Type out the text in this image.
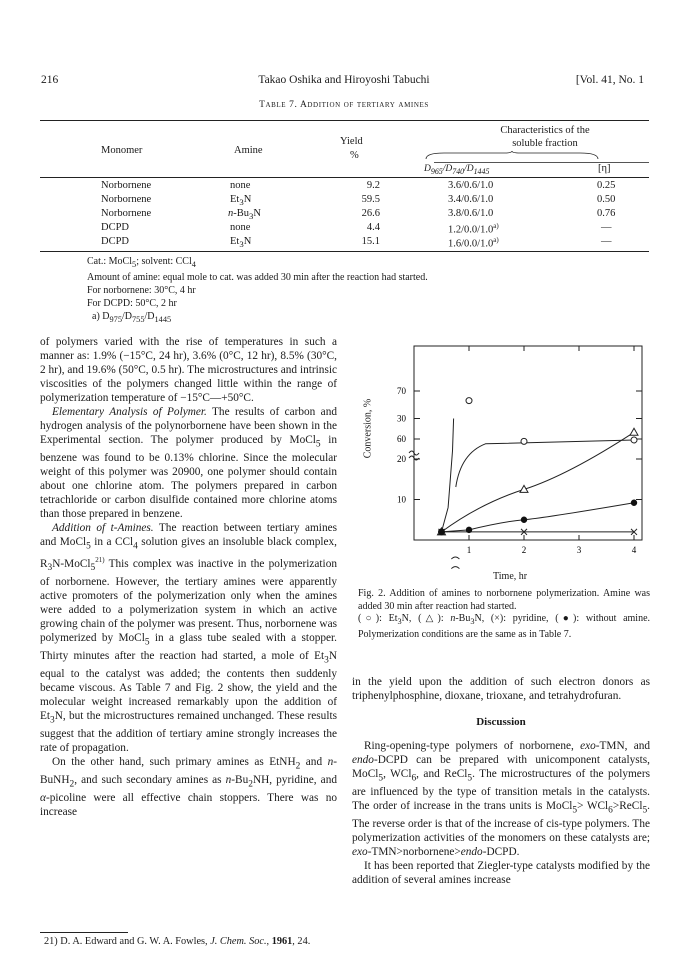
216	Takao Oshika and Hiroyoshi Tabuchi	[Vol. 41, No. 1
Table 7. Addition of tertiary amines
Monomer	Amine
Yield
%
Characteristics of the
soluble fraction
$D_{965}/D_{740}/D_{1445}$	[η]
Norbornene	none	9.2	3.6/0.6/1.0	0.25
Norbornene	$Et_3N$	59.5	3.4/0.6/1.0	0.50
Norbornene	$n-Bu_3N$	26.6	3.8/0.6/1.0	0.76
DCPD	none	4.4	1.2/0.0/1.0$^{a)}$	—
DCPD	$Et_3N$	15.1	1.6/0.0/1.0$^{a)}$	—
Cat.: MoCl$_5$; solvent: CCl$_4$
Amount of amine: equal mole to cat. was added 30 min after the reaction had started.
For norbornene: 30°C, 4 hr
For DCPD: 50°C, 2 hr
a) $D_{975}/D_{755}/D_{1445}$

of polymers varied with the rise of temperatures in such a manner as: 1.9% (−15°C, 24 hr), 3.6% (0°C, 12 hr), 8.5% (30°C, 2 hr), and 19.6% (50°C, 0.5 hr). The microstructures and intrinsic viscosities of the polymers changed little within the range of polymerization temperature of −15°C—+50°C.

Elementary Analysis of Polymer. The results of carbon and hydrogen analysis of the polynorbornene have been shown in the Experimental section. The polymer produced by MoCl$_5$ in benzene was found to be 0.13% chlorine. Since the molecular weight of this polymer was 20900, one polymer should contain about one chlorine atom. The polymers prepared in carbon tetrachloride or carbon disulfide contained more chlorine atoms than those prepared in benzene.

Addition of t-Amines. The reaction between tertiary amines and MoCl$_5$ in a CCl$_4$ solution gives an insoluble black complex, $R_3N-MoCl_5^{21)}$ This complex was inactive in the polymerization of norbornene. However, the tertiary amines were apparently active promoters of the polymerization only when the amines were added to a polymerization system in which an active growing chain of the polymer was present. Thus, norbornene was polymerized by MoCl$_5$ in a glass tube sealed with a stopper. Thirty minutes after the reaction had started, a mole of $Et_3N$ equal to the catalyst was added; the contents then suddenly became viscous. As Table 7 and Fig. 2 show, the yield and the molecular weight increased remarkably upon the addition of $Et_3N$, but the microstructures remained unchanged. These results suggest that the addition of tertiary amine strongly increases the rate of propagation.

On the other hand, such primary amines as EtNH$_2$ and n-BuNH$_2$, and such secondary amines as $n-Bu_2NH$, pyridine, and α-picoline were all effective chain stoppers. There was no increase

21) D. A. Edward and G. W. A. Fowles, J. Chem. Soc., 1961, 24.
70
60
30
20
10
1	2	3	4
Conversion, %
Time, hr
Fig. 2. Addition of amines to norbornene polymerization. Amine was added 30 min after reaction had started.
(○): $Et_3N$, (△): $n-Bu_3N$, (×): pyridine, (●): without amine. Polymerization conditions are the same as in Table 7.

in the yield upon the addition of such electron donors as triphenylphosphine, dioxane, trioxane, and tetrahydrofuran.

Discussion

Ring-opening-type polymers of norbornene, exo-TMN, and endo-DCPD can be prepared with unicomponent catalysts, MoCl$_5$, WCl$_6$, and ReCl$_5$. The microstructures of the polymers are influenced by the type of transition metals in the catalysts. The order of increase in the trans units is MoCl$_5$> WCl$_6$>ReCl$_5$. The reverse order is that of the increase of cis-type polymers. The polymerization activities of the monomers on these catalysts are; exo-TMN>norbornene>endo-DCPD.

It has been reported that Ziegler-type catalysts modified by the addition of several amines increase
